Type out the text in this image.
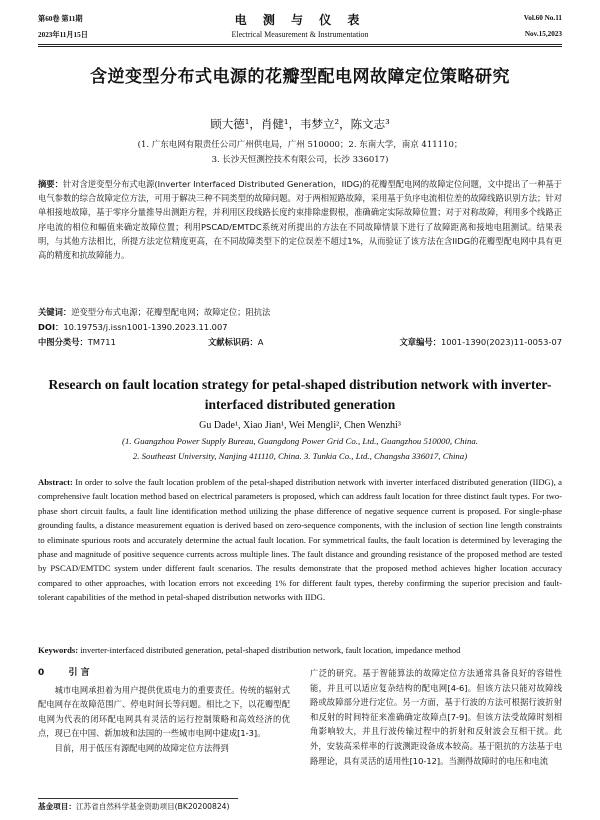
第60卷 第11期
2023年11月15日
电 测 与 仪 表
Electrical Measurement & Instrumentation
Vol.60 No.11
Nov.15,2023
含逆变型分布式电源的花瓣型配电网故障定位策略研究
顾大德¹，肖健¹，韦梦立²，陈文志³
(1. 广东电网有限责任公司广州供电局，广州 510000；2. 东南大学，南京 411110；
3. 长沙天恒测控技术有限公司，长沙 336017)
摘要：针对含逆变型分布式电源(Inverter Interfaced Distributed Generation，IIDG)的花瓣型配电网的故障定位问题，文中提出了一种基于电气参数的综合故障定位方法，可用于解决三种不同类型的故障问题。对于两相短路故障，采用基于负序电流相位差的故障线路识别方法；针对单相接地故障，基于零序分量推导出测距方程，并利用区段线路长度约束排除虚假根，准确确定实际故障位置；对于对称故障，利用多个线路正序电流的相位和幅值来确定故障位置；利用PSCAD/EMTDC系统对所提出的方法在不同故障情景下进行了故障距离和接地电阻测试。结果表明，与其他方法相比，所提方法定位精度更高，在不同故障类型下的定位误差不超过1%，从而验证了该方法在含IIDG的花瓣型配电网中具有更高的精度和抗故障能力。
关键词：逆变型分布式电源；花瓣型配电网；故障定位；阻抗法
DOI：10.19753/j.issn1001-1390.2023.11.007
中图分类号：TM711	文献标识码：A	文章编号：1001-1390(2023)11-0053-07
Research on fault location strategy for petal-shaped distribution network with inverter-interfaced distributed generation
Gu Dade¹, Xiao Jian¹, Wei Mengli², Chen Wenzhi³
(1. Guangzhou Power Supply Bureau, Guangdong Power Grid Co., Ltd., Guangzhou 510000, China.
2. Southeast University, Nanjing 411110, China. 3. Tunkia Co., Ltd., Changsha 336017, China)
Abstract: In order to solve the fault location problem of the petal-shaped distribution network with inverter interfaced distributed generation (IIDG), a comprehensive fault location method based on electrical parameters is proposed, which can address fault location for three distinct fault types. For two-phase short circuit faults, a fault line identification method utilizing the phase difference of negative sequence current is proposed. For single-phase grounding faults, a distance measurement equation is derived based on zero-sequence components, with the inclusion of section line length constraints to eliminate spurious roots and accurately determine the actual fault location. For symmetrical faults, the fault location is determined by leveraging the phase and magnitude of positive sequence currents across multiple lines. The fault distance and grounding resistance of the proposed method are tested by PSCAD/EMTDC system under different fault scenarios. The results demonstrate that the proposed method achieves higher location accuracy compared to other approaches, with location errors not exceeding 1% for different fault types, thereby confirming the superior precision and fault-tolerant capabilities of the method in petal-shaped distribution networks with IIDG.
Keywords: inverter-interfaced distributed generation, petal-shaped distribution network, fault location, impedance method
0	引 言
城市电网承担着为用户提供优质电力的重要责任。传统的辐射式配电网存在故障范围广、停电时间长等问题。相比之下，以花瓣型配电网为代表的闭环配电网具有灵活的运行控制策略和高效经济的优点，现已在中国、新加坡和法国的一些城市电网中建成[1-3]。
目前，用于低压有源配电网的故障定位方法得到
广泛的研究。基于智能算法的故障定位方法通常具备良好的容错性能，并且可以适应复杂结构的配电网[4-6]。但该方法只能对故障线路或故障部分进行定位。另一方面，基于行波的方法可根据行波折射和反射的时间特征来准确确定故障点[7-9]。但该方法受故障时刻相角影响较大，并且行波传输过程中的折射和反射波会互相干扰。此外，安装高采样率的行波测距设备成本较高。基于阻抗的方法基于电路理论，具有灵活的适用性[10-12]。当测得故障时的电压和电流
基金项目：江苏省自然科学基金资助项目(BK20200824)
